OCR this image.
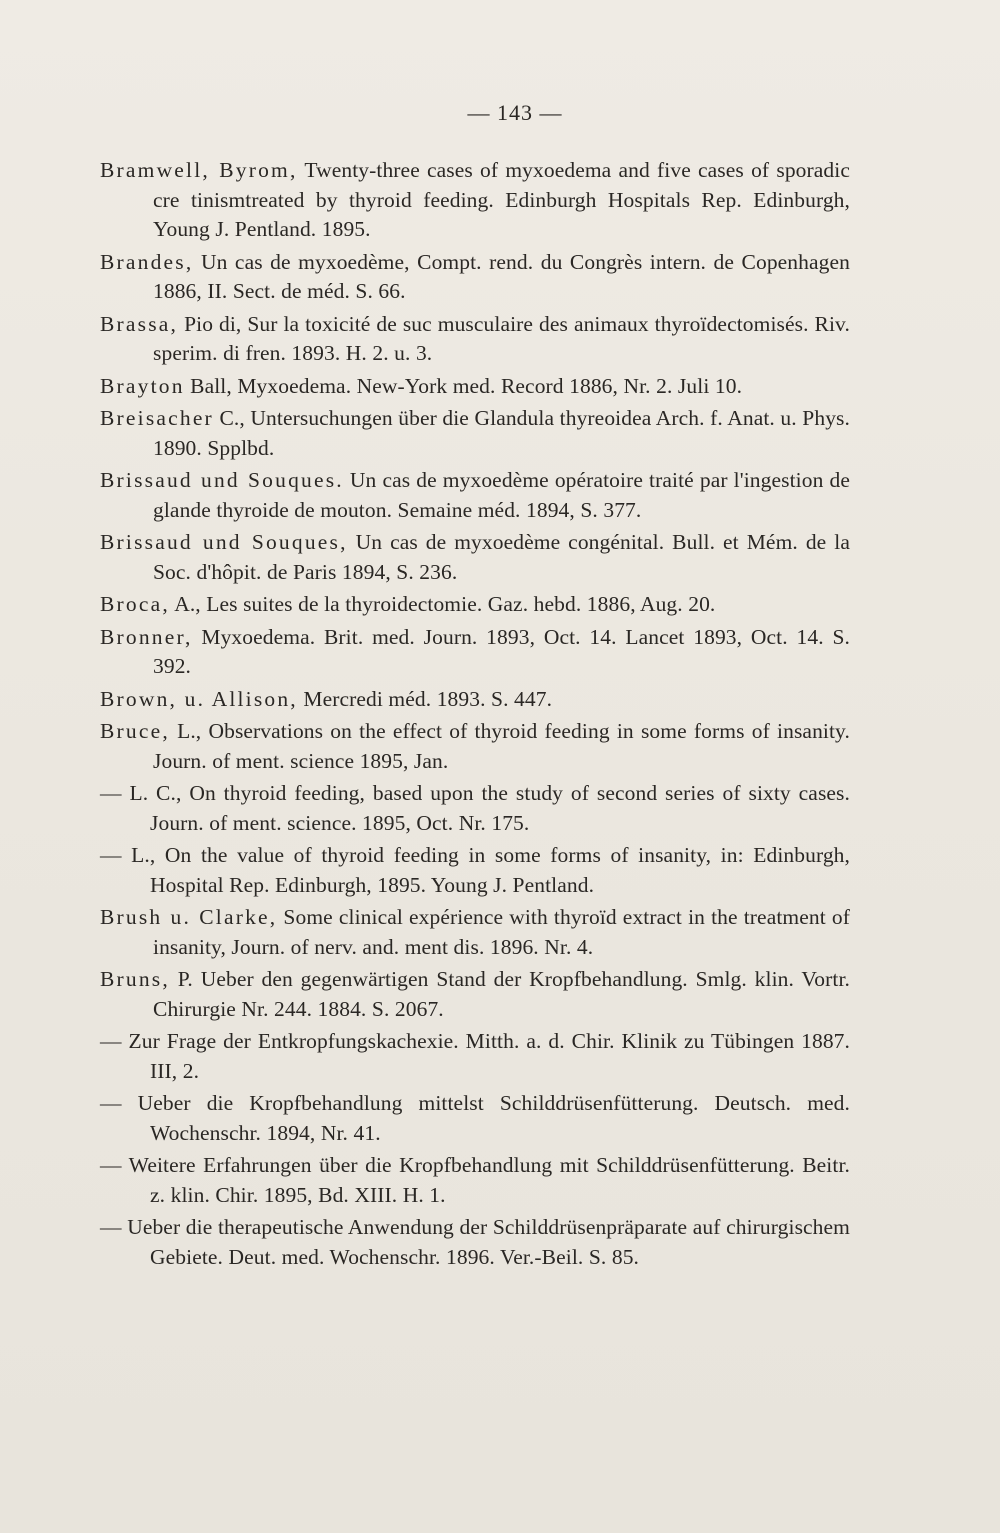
— 143 —

Bramwell, Byrom, Twenty-three cases of myxoedema and five cases of sporadic cre tinismtreated by thyroid feeding. Edinburgh Hospitals Rep. Edinburgh, Young J. Pentland. 1895.

Brandes, Un cas de myxoedème, Compt. rend. du Congrès intern. de Copenhagen 1886, II. Sect. de méd. S. 66.

Brassa, Pio di, Sur la toxicité de suc musculaire des animaux thyroïdectomisés. Riv. sperim. di fren. 1893. H. 2. u. 3.

Brayton Ball, Myxoedema. New-York med. Record 1886, Nr. 2. Juli 10.

Breisacher C., Untersuchungen über die Glandula thyreoidea Arch. f. Anat. u. Phys. 1890. Spplbd.

Brissaud und Souques. Un cas de myxoedème opératoire traité par l'ingestion de glande thyroide de mouton. Semaine méd. 1894, S. 377.

Brissaud und Souques, Un cas de myxoedème congénital. Bull. et Mém. de la Soc. d'hôpit. de Paris 1894, S. 236.

Broca, A., Les suites de la thyroidectomie. Gaz. hebd. 1886, Aug. 20.

Bronner, Myxoedema. Brit. med. Journ. 1893, Oct. 14. Lancet 1893, Oct. 14. S. 392.

Brown, u. Allison, Mercredi méd. 1893. S. 447.

Bruce, L., Observations on the effect of thyroid feeding in some forms of insanity. Journ. of ment. science 1895, Jan.

— L. C., On thyroid feeding, based upon the study of second series of sixty cases. Journ. of ment. science. 1895, Oct. Nr. 175.

— L., On the value of thyroid feeding in some forms of insanity, in: Edinburgh, Hospital Rep. Edinburgh, 1895. Young J. Pentland.

Brush u. Clarke, Some clinical expérience with thyroïd extract in the treatment of insanity, Journ. of nerv. and. ment dis. 1896. Nr. 4.

Bruns, P. Ueber den gegenwärtigen Stand der Kropfbehandlung. Smlg. klin. Vortr. Chirurgie Nr. 244. 1884. S. 2067.

— Zur Frage der Entkropfungskachexie. Mitth. a. d. Chir. Klinik zu Tübingen 1887. III, 2.

— Ueber die Kropfbehandlung mittelst Schilddrüsenfütterung. Deutsch. med. Wochenschr. 1894, Nr. 41.

— Weitere Erfahrungen über die Kropfbehandlung mit Schilddrüsenfütterung. Beitr. z. klin. Chir. 1895, Bd. XIII. H. 1.

— Ueber die therapeutische Anwendung der Schilddrüsenpräparate auf chirurgischem Gebiete. Deut. med. Wochenschr. 1896. Ver.-Beil. S. 85.
